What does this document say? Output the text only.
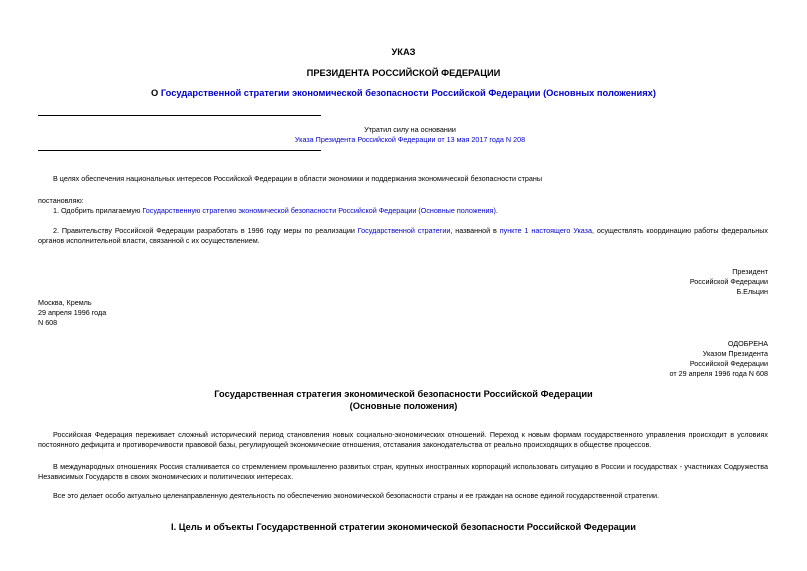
УКАЗ
ПРЕЗИДЕНТА РОССИЙСКОЙ ФЕДЕРАЦИИ
О Государственной стратегии экономической безопасности Российской Федерации (Основных положениях)
Утратил силу на основании
Указа Президента Российской Федерации от 13 мая 2017 года N 208
В целях обеспечения национальных интересов Российской Федерации в области экономики и поддержания экономической безопасности страны
постановляю:
1. Одобрить прилагаемую Государственную стратегию экономической безопасности Российской Федерации (Основные положения).
2. Правительству Российской Федерации разработать в 1996 году меры по реализации Государственной стратегии, названной в пункте 1 настоящего Указа, осуществлять координацию работы федеральных органов исполнительной власти, связанной с их осуществлением.
Президент
Российской Федерации
Б.Ельцин
Москва, Кремль
29 апреля 1996 года
N 608
ОДОБРЕНА
Указом Президента
Российской Федерации
от 29 апреля 1996 года N 608
Государственная стратегия экономической безопасности Российской Федерации
(Основные положения)
Российская Федерация переживает сложный исторический период становления новых социально-экономических отношений. Переход к новым формам государственного управления происходит в условиях постоянного дефицита и противоречивости правовой базы, регулирующей экономические отношения, отставания законодательства от реально происходящих в обществе процессов.
В международных отношениях Россия сталкивается со стремлением промышленно развитых стран, крупных иностранных корпораций использовать ситуацию в России и государствах - участниках Содружества Независимых Государств в своих экономических и политических интересах.
Все это делает особо актуально целенаправленную деятельность по обеспечению экономической безопасности страны и ее граждан на основе единой государственной стратегии.
I. Цель и объекты Государственной стратегии экономической безопасности Российской Федерации
